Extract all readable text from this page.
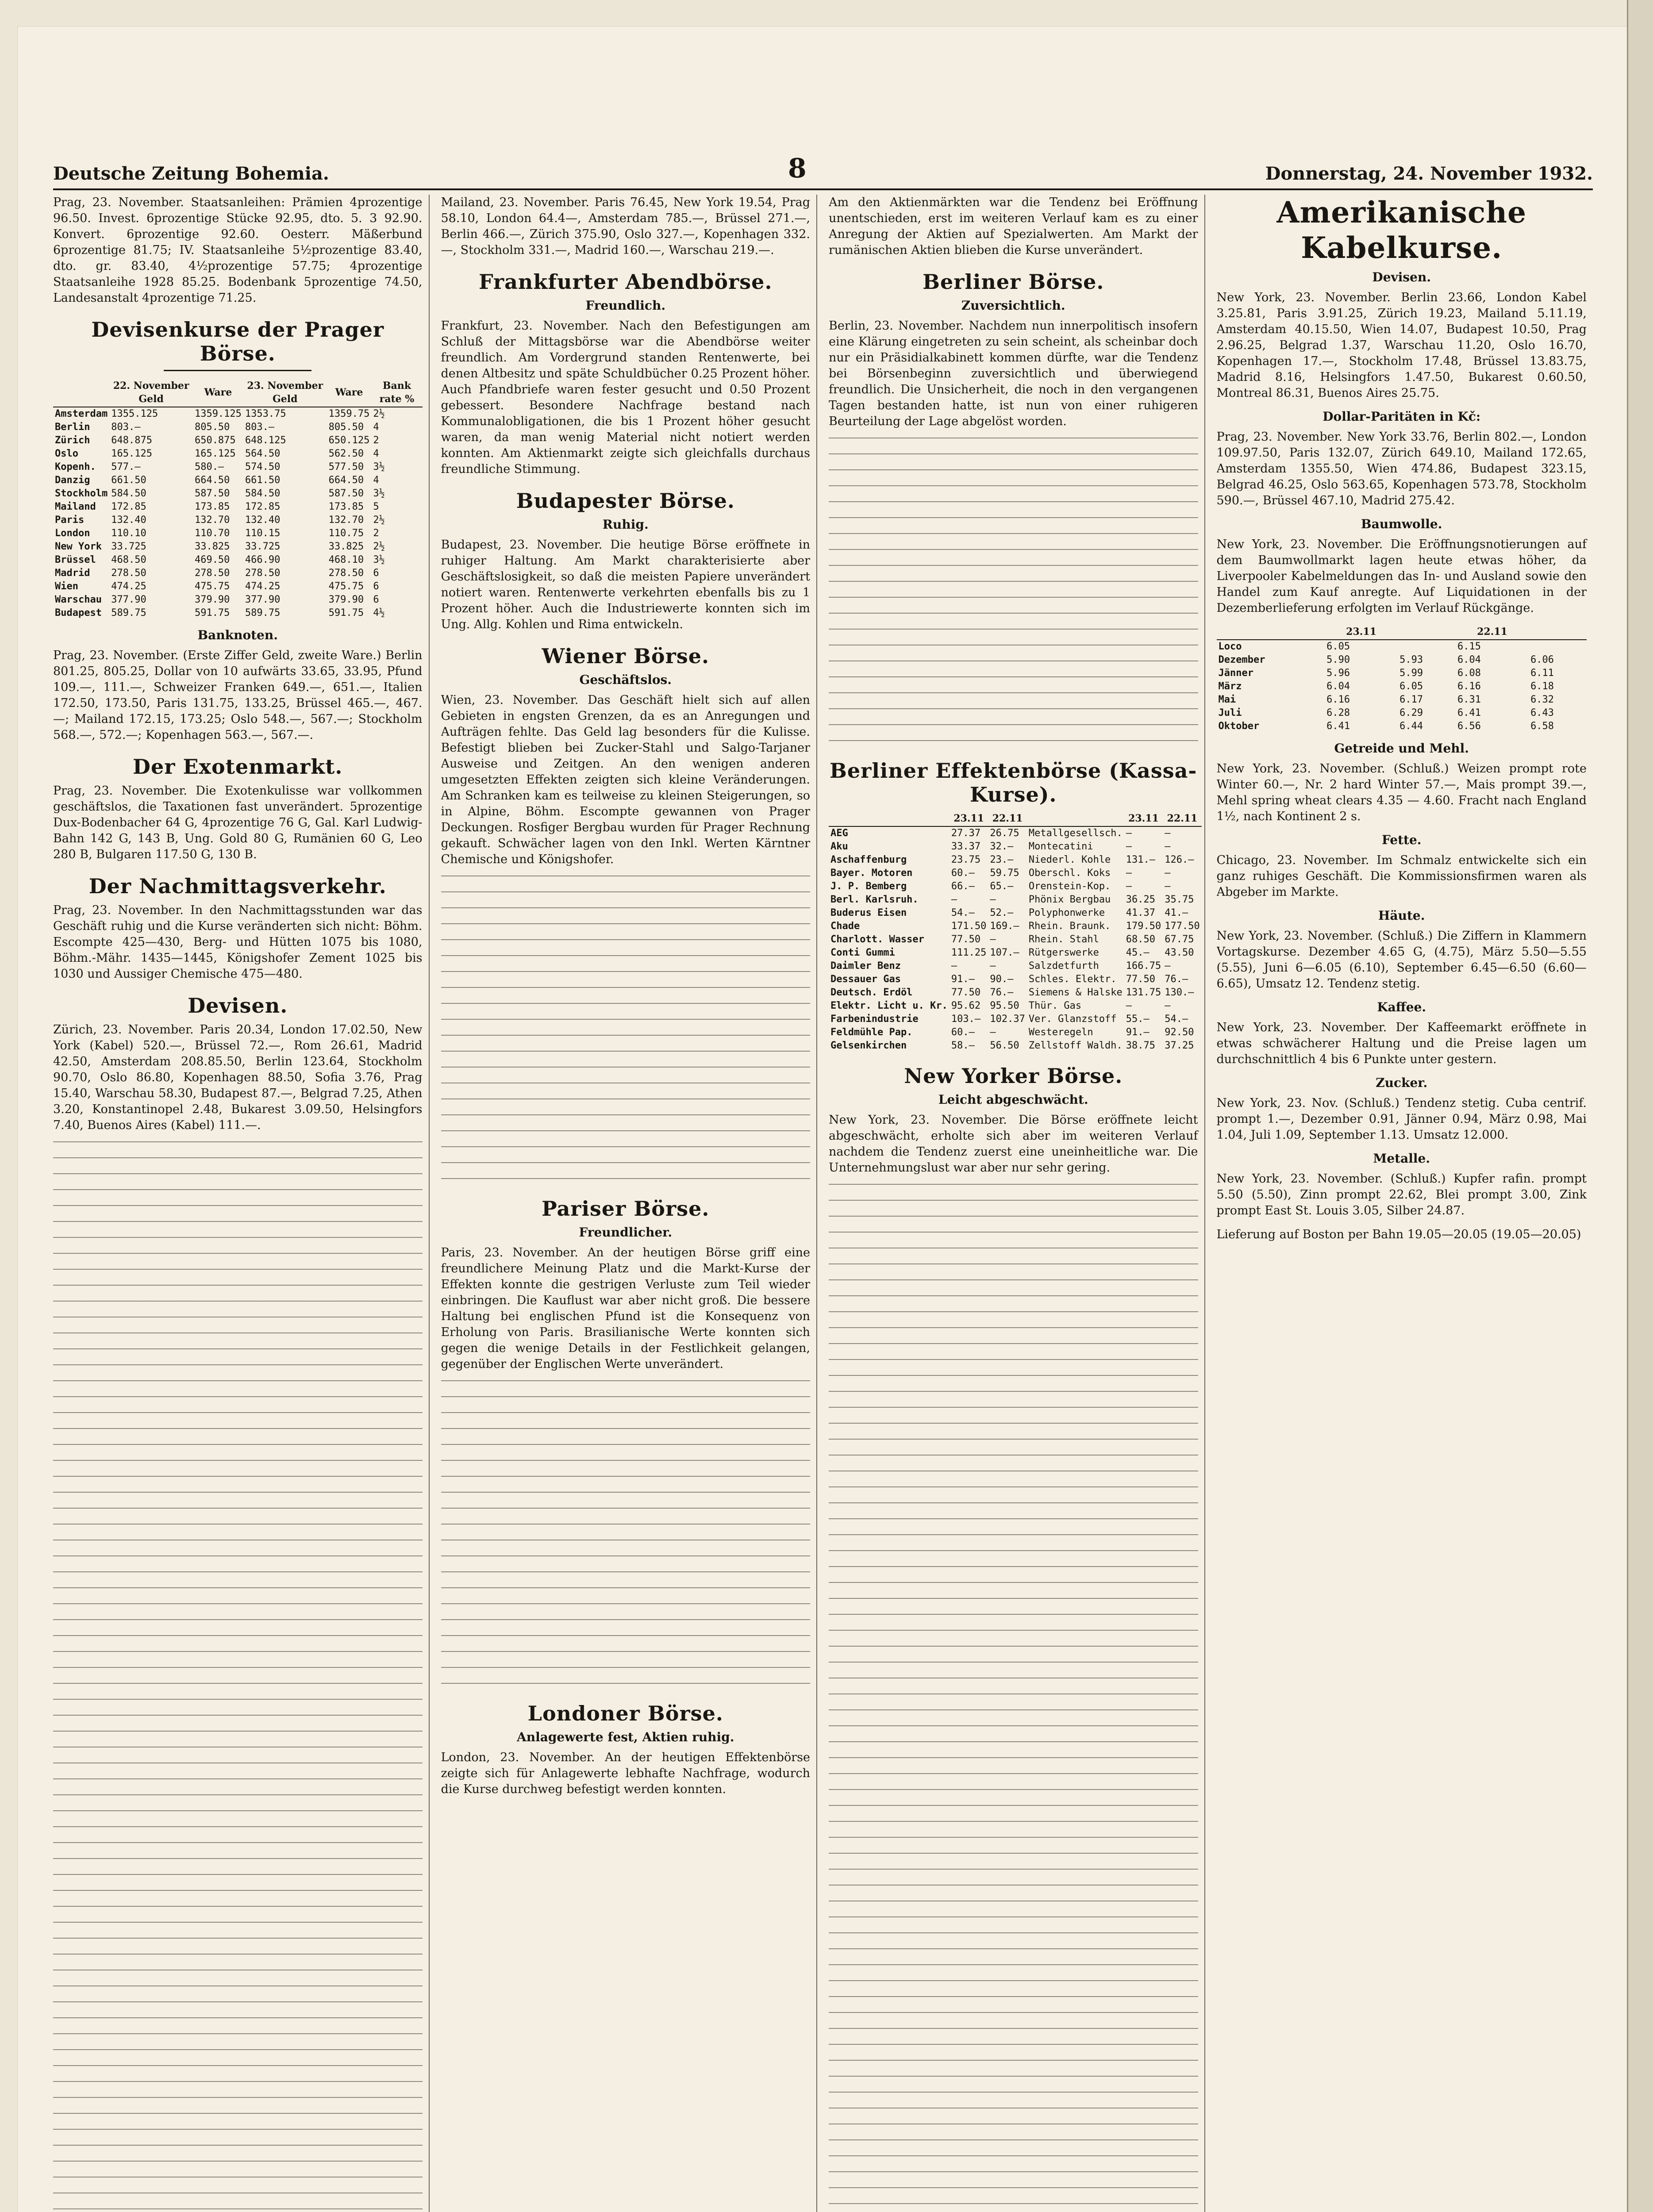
Deutsche Zeitung Bohemia.	8	Donnerstag, 24. November 1932.

Prag, 23. November. Staatsanleihen: Prämien 4prozentige 96.50. Invest. 6prozentige Stücke 92.95, dto. 5. 3 92.90. Konvert. 6prozentige 92.60. Oesterr. Mäßerbund 6prozentige 81.75; IV. Staatsanleihe 5½prozentige 83.40, dto. gr. 83.40, 4½prozentige 57.75; 4prozentige Staatsanleihe 1928 85.25. Bodenbank 5prozentige 74.50, Landesanstalt 4prozentige 71.25.

Devisenkurse der Prager Börse.
	22. November Geld	Ware	23. November Geld	Ware	Bank rate %
Amsterdam	1355.125	1359.125	1353.75	1359.75	2½
Berlin	803.—	805.50	803.—	805.50	4
Zürich	648.875	650.875	648.125	650.125	2
Oslo	165.125	165.125	564.50	562.50	4
Kopenh.	577.—	580.—	574.50	577.50	3½
Danzig	661.50	664.50	661.50	664.50	4
Stockholm	584.50	587.50	584.50	587.50	3½
Mailand	172.85	173.85	172.85	173.85	5
Paris	132.40	132.70	132.40	132.70	2½
London	110.10	110.70	110.15	110.75	2
New York	33.725	33.825	33.725	33.825	2½
Brüssel	468.50	469.50	466.90	468.10	3½
Madrid	278.50	278.50	278.50	278.50	6
Wien	474.25	475.75	474.25	475.75	6
Warschau	377.90	379.90	377.90	379.90	6
Budapest	589.75	591.75	589.75	591.75	4½
Banknoten.

Prag, 23. November. (Erste Ziffer Geld, zweite Ware.) Berlin 801.25, 805.25, Dollar von 10 aufwärts 33.65, 33.95, Pfund 109.—, 111.—, Schweizer Franken 649.—, 651.—, Italien 172.50, 173.50, Paris 131.75, 133.25, Brüssel 465.—, 467.—; Mailand 172.15, 173.25; Oslo 548.—, 567.—; Stockholm 568.—, 572.—; Kopenhagen 563.—, 567.—.

Der Exotenmarkt.

Prag, 23. November. Die Exotenkulisse war vollkommen geschäftslos, die Taxationen fast unverändert. 5prozentige Dux-Bodenbacher 64 G, 4prozentige 76 G, Gal. Karl Ludwig-Bahn 142 G, 143 B, Ung. Gold 80 G, Rumänien 60 G, Leo 280 B, Bulgaren 117.50 G, 130 B.

Der Nachmittagsverkehr.

Prag, 23. November. In den Nachmittagsstunden war das Geschäft ruhig und die Kurse veränderten sich nicht: Böhm. Escompte 425—430, Berg- und Hütten 1075 bis 1080, Böhm.-Mähr. 1435—1445, Königshofer Zement 1025 bis 1030 und Aussiger Chemische 475—480.

Devisen.

Zürich, 23. November. Paris 20.34, London 17.02.50, New York (Kabel) 520.—, Brüssel 72.—, Rom 26.61, Madrid 42.50, Amsterdam 208.85.50, Berlin 123.64, Stockholm 90.70, Oslo 86.80, Kopenhagen 88.50, Sofia 3.76, Prag 15.40, Warschau 58.30, Budapest 87.—, Belgrad 7.25, Athen 3.20, Konstantinopel 2.48, Bukarest 3.09.50, Helsingfors 7.40, Buenos Aires (Kabel) 111.—.

Mailand, 23. November. Paris 76.45, New York 19.54, Prag 58.10, London 64.4—, Amsterdam 785.—, Brüssel 271.—, Berlin 466.—, Zürich 375.90, Oslo 327.—, Kopenhagen 332.—, Stockholm 331.—, Madrid 160.—, Warschau 219.—.

Frankfurter Abendbörse.
Freundlich.

Frankfurt, 23. November. Nach den Befestigungen am Schluß der Mittagsbörse war die Abendbörse weiter freundlich. Am Vordergrund standen Rentenwerte, bei denen Altbesitz und späte Schuldbücher 0.25 Prozent höher. Auch Pfandbriefe waren fester gesucht und 0.50 Prozent gebessert. Besondere Nachfrage bestand nach Kommunalobligationen, die bis 1 Prozent höher gesucht waren, da man wenig Material nicht notiert werden konnten. Am Aktienmarkt zeigte sich gleichfalls durchaus freundliche Stimmung.

Budapester Börse.
Ruhig.

Budapest, 23. November. Die heutige Börse eröffnete in ruhiger Haltung. Am Markt charakterisierte aber Geschäftslosigkeit, so daß die meisten Papiere unverändert notiert waren. Rentenwerte verkehrten ebenfalls bis zu 1 Prozent höher. Auch die Industriewerte konnten sich im Ung. Allg. Kohlen und Rima entwickeln.

Wiener Börse.
Geschäftslos.

Wien, 23. November. Das Geschäft hielt sich auf allen Gebieten in engsten Grenzen, da es an Anregungen und Aufträgen fehlte. Das Geld lag besonders für die Kulisse. Befestigt blieben bei Zucker-Stahl und Salgo-Tarjaner Ausweise und Zeitgen. An den wenigen anderen umgesetzten Effekten zeigten sich kleine Veränderungen. Am Schranken kam es teilweise zu kleinen Steigerungen, so in Alpine, Böhm. Escompte gewannen von Prager Deckungen. Rosfiger Bergbau wurden für Prager Rechnung gekauft. Schwächer lagen von den Inkl. Werten Kärntner Chemische und Königshofer.

Pariser Börse.
Freundlicher.

Paris, 23. November. An der heutigen Börse griff eine freundlichere Meinung Platz und die Markt-Kurse der Effekten konnte die gestrigen Verluste zum Teil wieder einbringen. Die Kauflust war aber nicht groß. Die bessere Haltung bei englischen Pfund ist die Konsequenz von Erholung von Paris. Brasilianische Werte konnten sich gegen die wenige Details in der Festlichkeit gelangen, gegenüber der Englischen Werte unverändert.

Londoner Börse.
Anlagewerte fest, Aktien ruhig.

London, 23. November. An der heutigen Effektenbörse zeigte sich für Anlagewerte lebhafte Nachfrage, wodurch die Kurse durchweg befestigt werden konnten.

Am den Aktienmärkten war die Tendenz bei Eröffnung unentschieden, erst im weiteren Verlauf kam es zu einer Anregung der Aktien auf Spezialwerten. Am Markt der rumänischen Aktien blieben die Kurse unverändert.

Berliner Börse.
Zuversichtlich.

Berlin, 23. November. Nachdem nun innerpolitisch insofern eine Klärung eingetreten zu sein scheint, als scheinbar doch nur ein Präsidialkabinett kommen dürfte, war die Tendenz bei Börsenbeginn zuversichtlich und überwiegend freundlich. Die Unsicherheit, die noch in den vergangenen Tagen bestanden hatte, ist nun von einer ruhigeren Beurteilung der Lage abgelöst worden.

Berliner Effektenbörse (Kassa-Kurse).
	23.11	22.11		23.11	22.11
AEG	27.37	26.75	Metallgesellsch.	—	—
Aku	33.37	32.—	Montecatini	—	—
Aschaffenburg	23.75	23.—	Niederl. Kohle	131.—	126.—
Bayer. Motoren	60.—	59.75	Oberschl. Koks	—	—
J. P. Bemberg	66.—	65.—	Orenstein-Kop.	—	—
Berl. Karlsruh.	—	—	Phönix Bergbau	36.25	35.75
Buderus Eisen	54.—	52.—	Polyphonwerke	41.37	41.—
Chade	171.50	169.—	Rhein. Braunk.	179.50	177.50
Charlott. Wasser	77.50	—	Rhein. Stahl	68.50	67.75
Conti Gummi	111.25	107.—	Rütgerswerke	45.—	43.50
Daimler Benz	—	—	Salzdetfurth	166.75	—
Dessauer Gas	91.—	90.—	Schles. Elektr.	77.50	76.—
Deutsch. Erdöl	77.50	76.—	Siemens & Halske	131.75	130.—
Elektr. Licht u. Kr.	95.62	95.50	Thür. Gas	—	—
Farbenindustrie	103.—	102.37	Ver. Glanzstoff	55.—	54.—
Feldmühle Pap.	60.—	—	Westeregeln	91.—	92.50
Gelsenkirchen	58.—	56.50	Zellstoff Waldh.	38.75	37.25
New Yorker Börse.
Leicht abgeschwächt.

New York, 23. November. Die Börse eröffnete leicht abgeschwächt, erholte sich aber im weiteren Verlauf nachdem die Tendenz zuerst eine uneinheitliche war. Die Unternehmungslust war aber nur sehr gering.

Amerikanische Kabelkurse.
Devisen.

New York, 23. November. Berlin 23.66, London Kabel 3.25.81, Paris 3.91.25, Zürich 19.23, Mailand 5.11.19, Amsterdam 40.15.50, Wien 14.07, Budapest 10.50, Prag 2.96.25, Belgrad 1.37, Warschau 11.20, Oslo 16.70, Kopenhagen 17.—, Stockholm 17.48, Brüssel 13.83.75, Madrid 8.16, Helsingfors 1.47.50, Bukarest 0.60.50, Montreal 86.31, Buenos Aires 25.75.

Dollar-Paritäten in Kč:

Prag, 23. November. New York 33.76, Berlin 802.—, London 109.97.50, Paris 132.07, Zürich 649.10, Mailand 172.65, Amsterdam 1355.50, Wien 474.86, Budapest 323.15, Belgrad 46.25, Oslo 563.65, Kopenhagen 573.78, Stockholm 590.—, Brüssel 467.10, Madrid 275.42.

Baumwolle.

New York, 23. November. Die Eröffnungsnotierungen auf dem Baumwollmarkt lagen heute etwas höher, da Liverpooler Kabelmeldungen das In- und Ausland sowie den Handel zum Kauf anregte. Auf Liquidationen in der Dezemberlieferung erfolgten im Verlauf Rückgänge.

	23.11		22.11	
Loco	6.05		6.15	
Dezember	5.90	5.93	6.04	6.06
Jänner	5.96	5.99	6.08	6.11
März	6.04	6.05	6.16	6.18
Mai	6.16	6.17	6.31	6.32
Juli	6.28	6.29	6.41	6.43
Oktober	6.41	6.44	6.56	6.58
Getreide und Mehl.

New York, 23. November. (Schluß.) Weizen prompt rote Winter 60.—, Nr. 2 hard Winter 57.—, Mais prompt 39.—, Mehl spring wheat clears 4.35 — 4.60. Fracht nach England 1½, nach Kontinent 2 s.

Fette.

Chicago, 23. November. Im Schmalz entwickelte sich ein ganz ruhiges Geschäft. Die Kommissionsfirmen waren als Abgeber im Markte.

Häute.

New York, 23. November. (Schluß.) Die Ziffern in Klammern Vortagskurse. Dezember 4.65 G, (4.75), März 5.50—5.55 (5.55), Juni 6—6.05 (6.10), September 6.45—6.50 (6.60—6.65), Umsatz 12. Tendenz stetig.

Kaffee.

New York, 23. November. Der Kaffeemarkt eröffnete in etwas schwächerer Haltung und die Preise lagen um durchschnittlich 4 bis 6 Punkte unter gestern.

Zucker.

New York, 23. Nov. (Schluß.) Tendenz stetig. Cuba centrif. prompt 1.—, Dezember 0.91, Jänner 0.94, März 0.98, Mai 1.04, Juli 1.09, September 1.13. Umsatz 12.000.

Metalle.

New York, 23. November. (Schluß.) Kupfer rafin. prompt 5.50 (5.50), Zinn prompt 22.62, Blei prompt 3.00, Zink prompt East St. Louis 3.05, Silber 24.87.

Lieferung auf Boston per Bahn 19.05—20.05 (19.05—20.05)
